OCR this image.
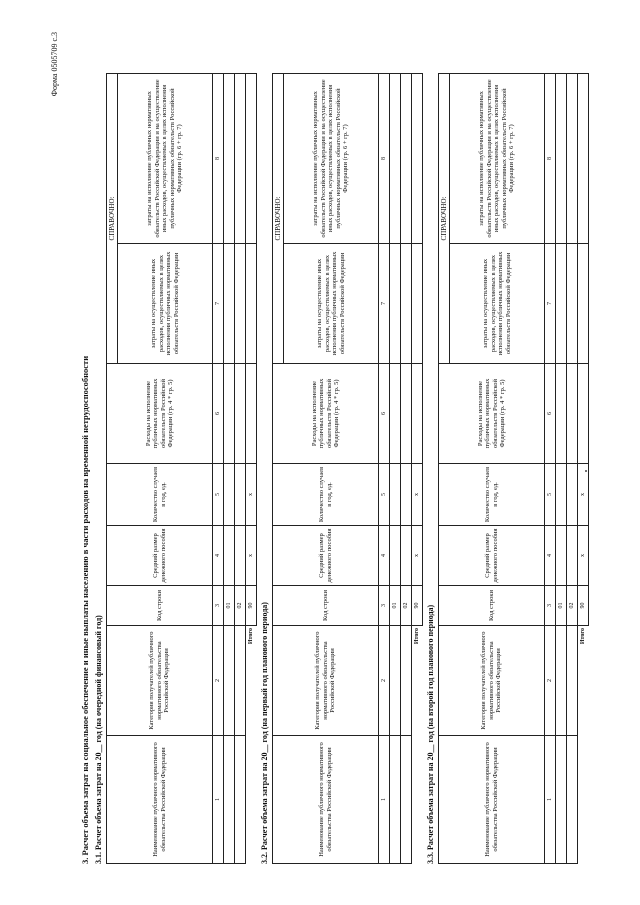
Форма 0505709 с.3
3. Расчет объема затрат на социальное обеспечение и иные выплаты населению в части расходов на временной нетрудоспособности 3.1. Расчет объема затрат на 20__ год (на очередной финансовый год)	Наименование публичного нормативного обязательства Российской Федерации	Категория получателей публичного нормативного обязательства Российской Федерации	Код строки	Средний размер денежного пособия	Количество случаев в год, ед.	Расходы на исполнение публичных нормативных обязательств Российской Федерации (гр. 4 * гр. 5)	СПРАВОЧНО:	
						затраты на осуществление иных расходов, осуществляемых в целях исполнения публичных нормативных обязательств Российской Федерации	затраты на исполнение публичных нормативных обязательств Российской Федерации и на осуществление иных расходов, осуществляемых в целях исполнения публичных нормативных обязательств Российской Федерации (гр. 6 + гр. 7)
1	2	3	4	5	6	7	8
		01					
		02					
	Итого	90	x	x			
3.2. Расчет объема затрат на 20__ год (на первый год планового периода)	Наименование публичного нормативного обязательства Российской Федерации	Категория получателей публичного нормативного обязательства Российской Федерации	Код строки	Средний размер денежного пособия	Количество случаев в год, ед.	Расходы на исполнение публичных нормативных обязательств Российской Федерации (гр. 4 * гр. 5)	СПРАВОЧНО:	
						затраты на осуществление иных расходов, осуществляемых в целях исполнения публичных нормативных обязательств Российской Федерации	затраты на исполнение публичных нормативных обязательств Российской Федерации и на осуществление иных расходов, осуществляемых в целях исполнения публичных нормативных обязательств Российской Федерации (гр. 6 + гр. 7)
1	2	3	4	5	6	7	8
		01					
		02					
	Итого	90	x	x			
3.3. Расчет объема затрат на 20__ год (на второй год планового периода)	Наименование публичного нормативного обязательства Российской Федерации	Категория получателей публичного нормативного обязательства Российской Федерации	Код строки	Средний размер денежного пособия	Количество случаев в год, ед.	Расходы на исполнение публичных нормативных обязательств Российской Федерации (гр. 4 * гр. 5)	СПРАВОЧНО:	
						затраты на осуществление иных расходов, осуществляемых в целях исполнения публичных нормативных обязательств Российской Федерации	затраты на исполнение публичных нормативных обязательств Российской Федерации и на осуществление иных расходов, осуществляемых в целях исполнения публичных нормативных обязательств Российской Федерации (гр. 6 + гр. 7)
1	2	3	4	5	6	7	8
		01					
		02					
	Итого	90	x	x			
